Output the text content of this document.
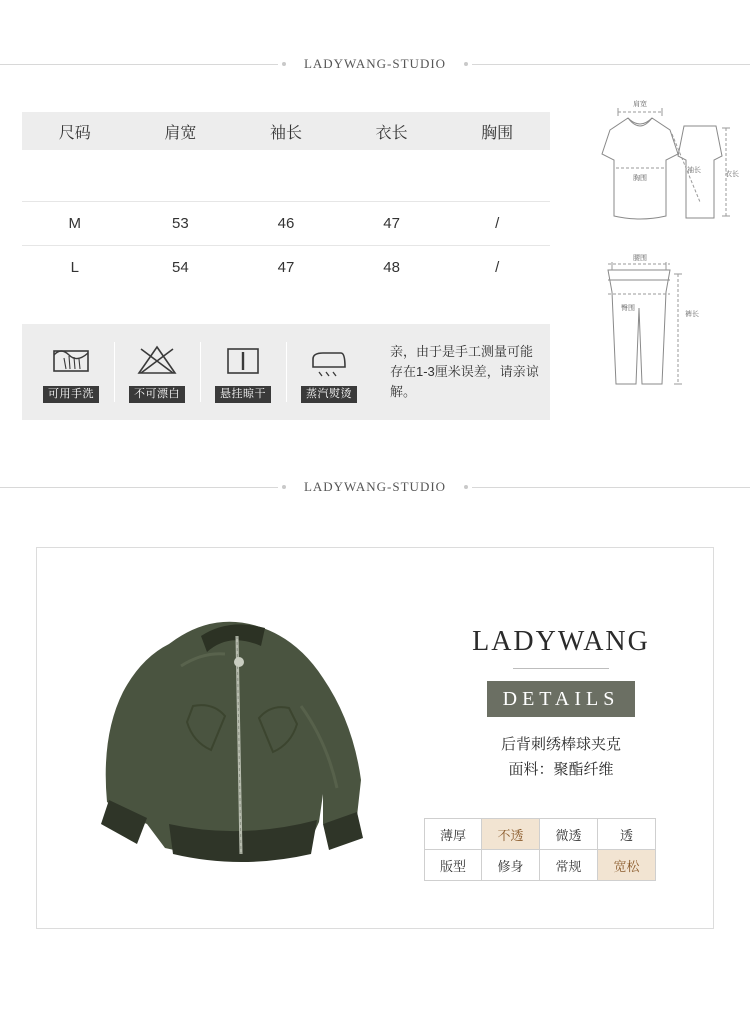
LADYWANG-STUDIO
尺码	肩宽	袖长	衣长	胸围

M	53	46	47	/
L	54	47	48	/
可用手洗	不可漂白	悬挂晾干	蒸汽熨烫
亲，由于是手工测量可能存在1-3厘米误差，请亲谅解。
肩宽
胸围
袖长	衣长
腰围
臀围
裤长
LADYWANG-STUDIO
LADYWANG
DETAILS
后背刺绣棒球夹克
面料：聚酯纤维
薄厚	不透	微透	透
版型	修身	常规	宽松
